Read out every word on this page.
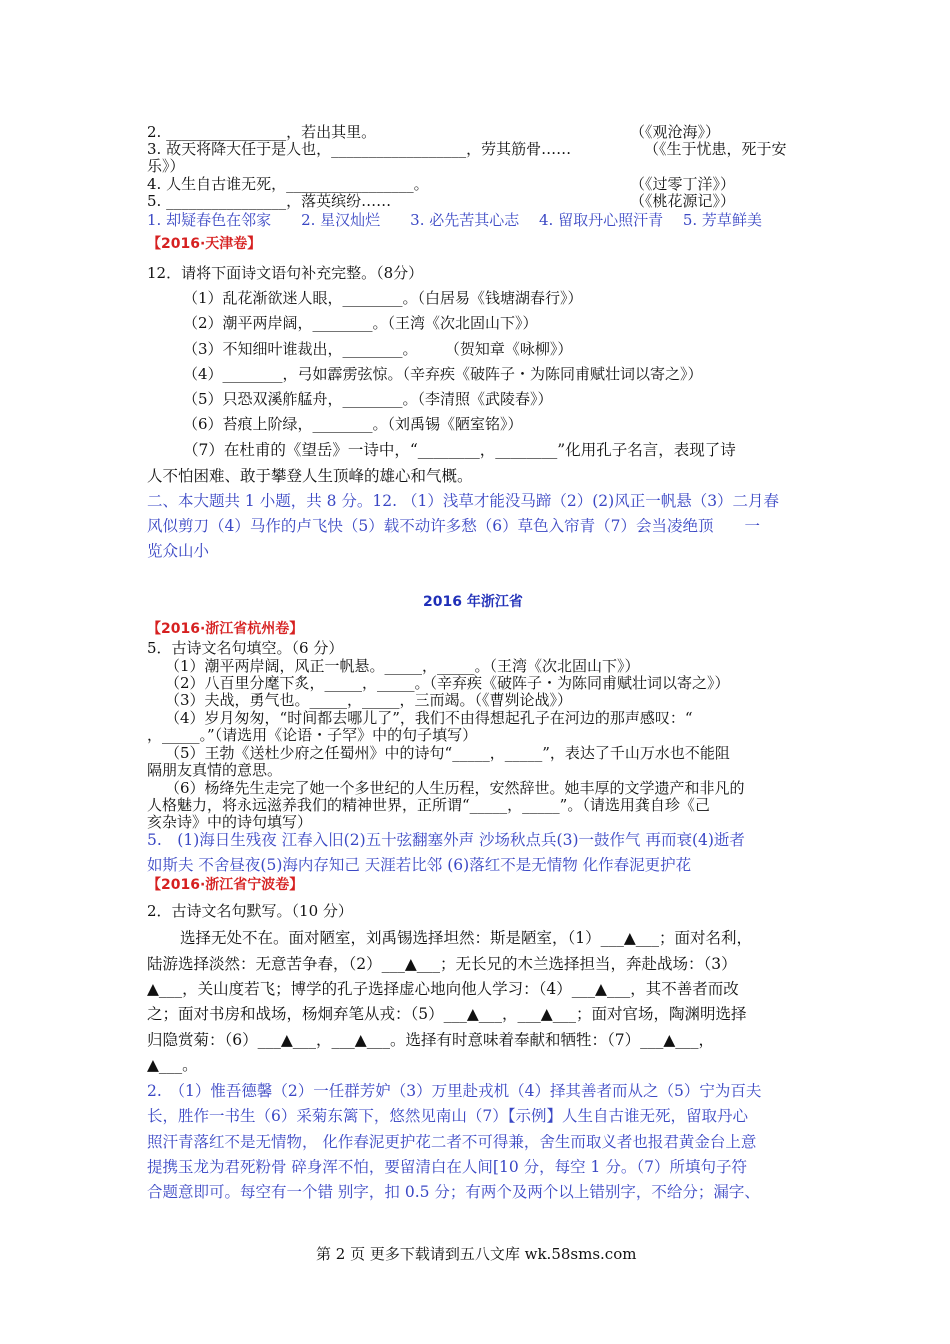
2. ________________，若出其里。	（《观沧海》）
3. 故天将降大任于是人也，__________________，劳其筋骨……	（《生于忧患，死于安
乐》）
4. 人生自古谁无死，_________________。	（《过零丁洋》）
5. ________________，落英缤纷……	（《桃花源记》）
1. 却疑春色在邻家　　2. 星汉灿烂　　3. 必先苦其心志　 4. 留取丹心照汗青　 5. 芳草鲜美
【2016·天津卷】
12．请将下面诗文语句补充完整。（8分）
（1）乱花渐欲迷人眼，________。（白居易《钱塘湖春行》）
（2）潮平两岸阔，________。（王湾《次北固山下》）
（3）不知细叶谁裁出，________。　　 （贺知章《咏柳》）
（4）________，弓如霹雳弦惊。（辛弃疾《破阵子・为陈同甫赋壮词以寄之》）
（5）只恐双溪舴艋舟，________。（李清照《武陵春》）
（6）苔痕上阶绿，________。（刘禹锡《陋室铭》）
（7）在杜甫的《望岳》一诗中，“________，________”化用孔子名言，表现了诗
人不怕困难、敢于攀登人生顶峰的雄心和气概。
二、本大题共 1 小题，共 8 分。12. （1）浅草才能没马蹄（2）(2)风正一帆悬（3）二月春
风似剪刀（4）马作的卢飞快（5）载不动许多愁（6）草色入帘青（7）会当凌绝顶　　一
览众山小
2016 年浙江省
【2016·浙江省杭州卷】
5．古诗文名句填空。（6 分）
（1）潮平两岸阔，风正一帆悬。_____，_____。（王湾《次北固山下》）
（2）八百里分麾下炙，_____，_____。（辛弃疾《破阵子・为陈同甫赋壮词以寄之》）
（3）夫战，勇气也。_____，_____，三而竭。（《曹刿论战》）
（4）岁月匆匆，“时间都去哪儿了”，我们不由得想起孔子在河边的那声感叹：“
，_____。”（请选用《论语・子罕》中的句子填写）
（5）王勃《送杜少府之任蜀州》中的诗句“_____，_____”，表达了千山万水也不能阻
隔朋友真情的意思。
（6）杨绛先生走完了她一个多世纪的人生历程，安然辞世。她丰厚的文学遗产和非凡的
人格魅力，将永远滋养我们的精神世界，正所谓“_____，_____”。（请选用龚自珍《己
亥杂诗》中的诗句填写）
5.　(1)海日生残夜 江春入旧(2)五十弦翻塞外声 沙场秋点兵(3)一鼓作气 再而衰(4)逝者
如斯夫 不舍昼夜(5)海内存知己 天涯若比邻 (6)落红不是无情物 化作春泥更护花
【2016·浙江省宁波卷】
2．古诗文名句默写。（10 分）
选择无处不在。面对陋室，刘禹锡选择坦然：斯是陋室，（1）___▲___；面对名利，
陆游选择淡然：无意苦争春，（2）___▲___；无长兄的木兰选择担当，奔赴战场：（3）
▲___，关山度若飞；博学的孔子选择虚心地向他人学习：（4）___▲___，其不善者而改
之；面对书房和战场，杨炯弃笔从戎：（5）___▲___，___▲___；面对官场，陶渊明选择
归隐赏菊：（6）___▲___，___▲___。选择有时意味着奉献和牺牲：（7）___▲___，
▲___。
2.　（1）惟吾德馨（2）一任群芳妒（3）万里赴戎机（4）择其善者而从之（5）宁为百夫
长，胜作一书生（6）采菊东篱下，悠然见南山（7）【示例】人生自古谁无死，留取丹心
照汗青落红不是无情物， 化作春泥更护花二者不可得兼，舍生而取义者也报君黄金台上意
提携玉龙为君死粉骨 碎身浑不怕，要留清白在人间[10 分，每空 1 分。（7）所填句子符
合题意即可。每空有一个错 别字，扣 0.5 分；有两个及两个以上错别字，不给分；漏字、
第 2 页 更多下载请到五八文库 wk.58sms.com
